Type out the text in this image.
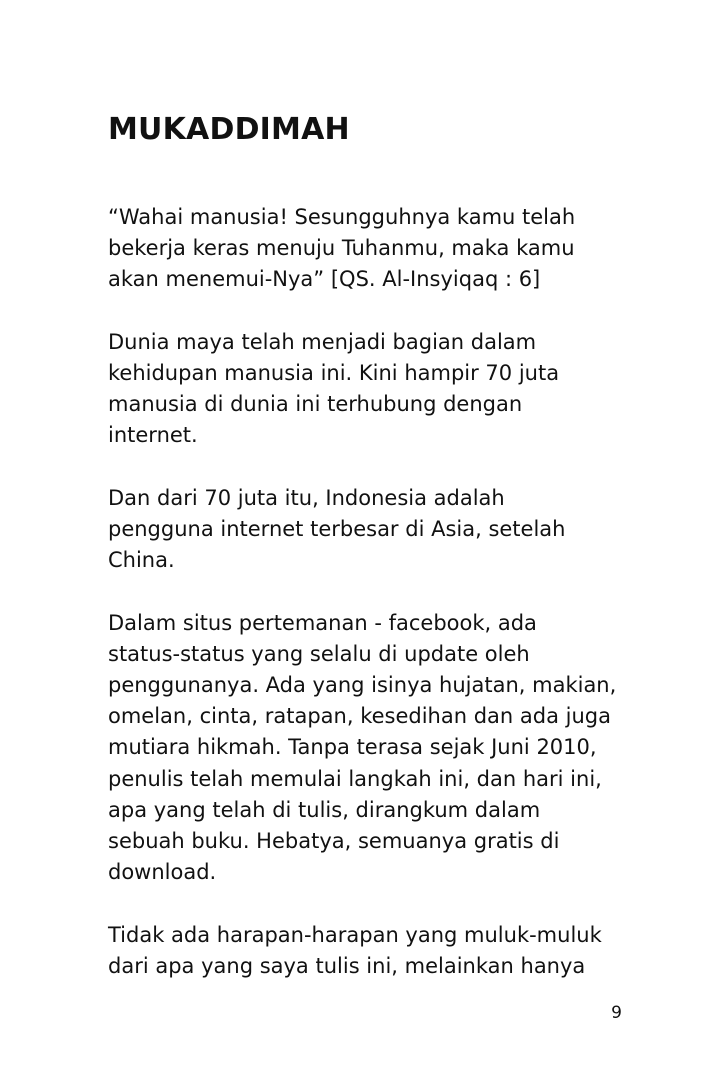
MUKADDIMAH

“Wahai manusia! Sesungguhnya kamu telah
bekerja keras menuju Tuhanmu, maka kamu
akan menemui-Nya” [QS. Al-Insyiqaq : 6]

Dunia maya telah menjadi bagian dalam
kehidupan manusia ini. Kini hampir 70 juta
manusia di dunia ini terhubung dengan
internet.

Dan dari 70 juta itu, Indonesia adalah
pengguna internet terbesar di Asia, setelah
China.

Dalam situs pertemanan - facebook, ada
status-status yang selalu di update oleh
penggunanya. Ada yang isinya hujatan, makian,
omelan, cinta, ratapan, kesedihan dan ada juga
mutiara hikmah. Tanpa terasa sejak Juni 2010,
penulis telah memulai langkah ini, dan hari ini,
apa yang telah di tulis, dirangkum dalam
sebuah buku. Hebatya, semuanya gratis di
download.

Tidak ada harapan-harapan yang muluk-muluk
dari apa yang saya tulis ini, melainkan hanya

9
